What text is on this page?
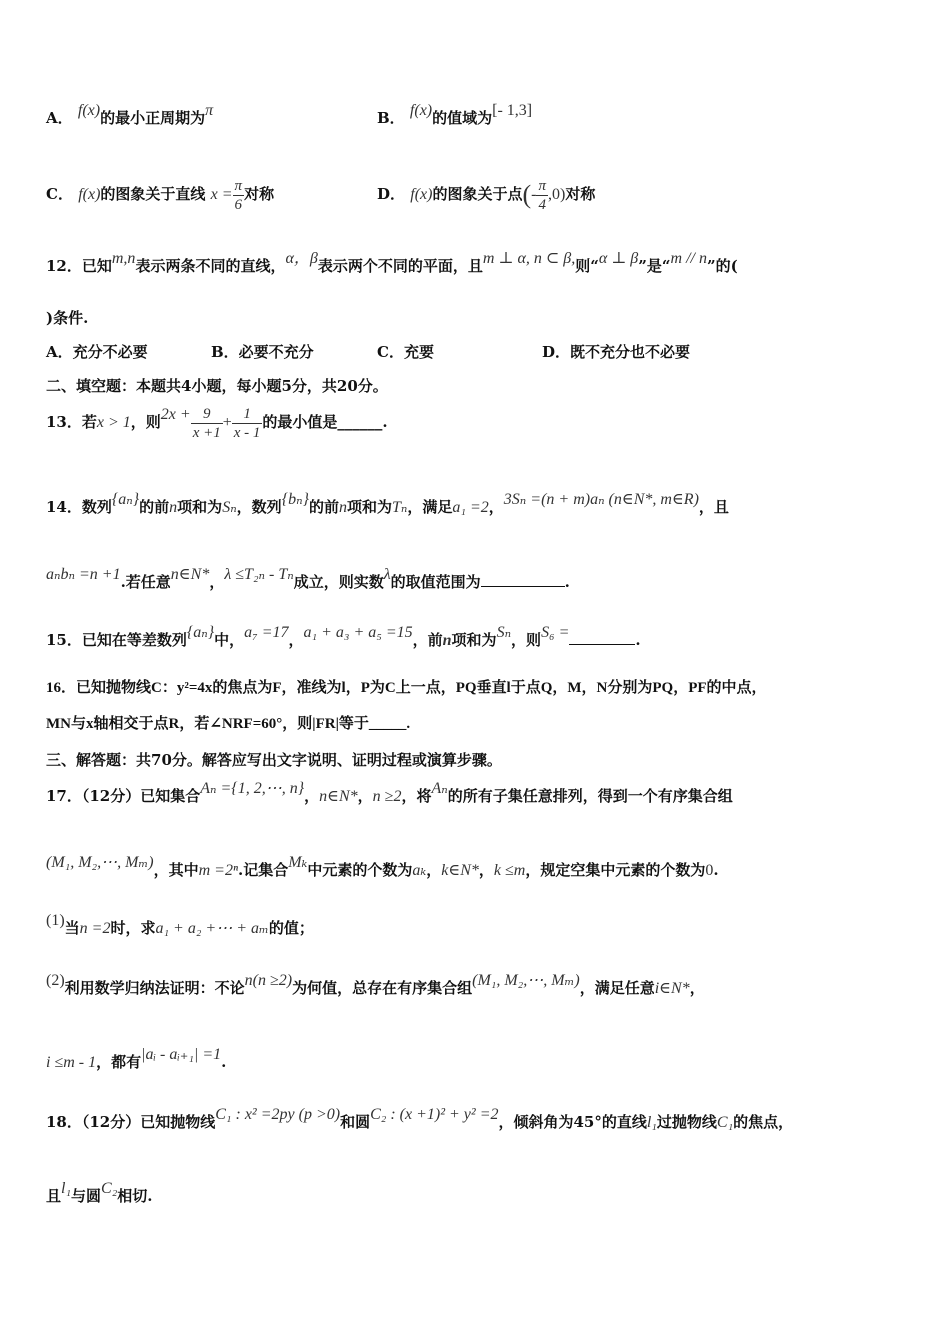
A． f(x)的最小正周期为π	B． f(x)的值域为[- 1,3]
C． f(x)的图象关于直线 $x = \frac{\pi}{6}$ 对称	D． f(x)的图象关于点(- $\frac{\pi}{4} ,0$)对称
12．已知m,n表示两条不同的直线，α，β表示两个不同的平面，且m ⊥ α, n ⊂ β,则“α ⊥ β”是“m // n”的(
)条件.
A．充分不必要	B．必要不充分	C．充要	D．既不充分也不必要
二、填空题：本题共4小题，每小题5分，共20分。
13．若x > 1，则$2x + \frac{9}{x +1} + \frac{1}{x - 1}$ 的最小值是______.
14．数列{aₙ}的前n项和为Sₙ，数列{bₙ}的前n项和为Tₙ，满足a₁ =2，3Sₙ =(n + m)aₙ (n∈N*, m∈R)，且
aₙbₙ =n +1.若任意n∈N*，λ ≤T₂ₙ - Tₙ成立，则实数λ的取值范围为	.
15．已知在等差数列{aₙ}中，a₇ =17，a₁ + a₃ + a₅ =15，前n项和为Sₙ，则S₆ =	.
16．已知抛物线C：y²=4x的焦点为F，准线为l，P为C上一点，PQ垂直l于点Q，M，N分别为PQ，PF的中点，
MN与x轴相交于点R，若∠NRF=60°，则|FR|等于_____.
三、解答题：共70分。解答应写出文字说明、证明过程或演算步骤。
17．（12分）已知集合Aₙ ={1, 2,⋯, n}，n∈N*，n ≥2，将Aₙ的所有子集任意排列，得到一个有序集合组
(M₁, M₂,⋯, Mₘ)，其中m =2ⁿ.记集合Mₖ中元素的个数为aₖ，k∈N*，k ≤m，规定空集中元素的个数为0.
(1)当n =2时，求a₁ + a₂ +⋯ + aₘ的值；
(2)利用数学归纳法证明：不论n(n ≥2)为何值，总存在有序集合组(M₁, M₂,⋯, Mₘ)，满足任意i∈N*，
i ≤m - 1，都有|aᵢ - aᵢ₊₁| =1.
18．（12分）已知抛物线C₁ : x² =2py (p >0)和圆C₂ : (x +1)² + y² =2，倾斜角为45°的直线l₁过抛物线C₁的焦点，
且l₁与圆C₂相切.
